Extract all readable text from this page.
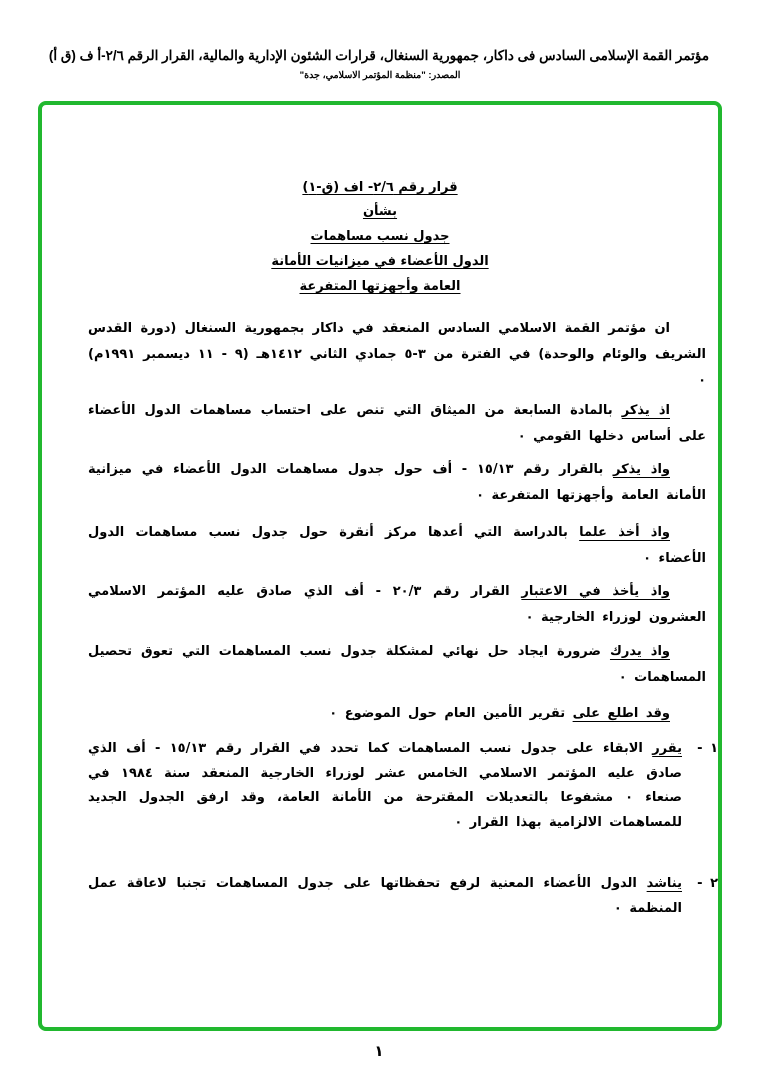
مؤتمر القمة الإسلامى السادس فى داكار، جمهورية السنغال، قرارات الشئون الإدارية والمالية، القرار الرقم ٢/٦-أ ف (ق أ)
المصدر: "منظمة المؤتمر الاسلامي، جدة"
قرار رقم ٢/٦- اف (ق-١)
بشأن
جدول نسب مساهمات
الدول الأعضاء في ميزانيات الأمانة
العامة وأجهزتها المتفرعة
ان مؤتمر القمة الاسلامي السادس المنعقد في داكار بجمهورية السنغال (دورة القدس الشريف والوئام والوحدة) في الفترة من ٣-٥ جمادي الثاني ١٤١٢هـ (٩ - ١١ ديسمبر ١٩٩١م) ٠
اذ يذكر بالمادة السابعة من الميثاق التي تنص على احتساب مساهمات الدول الأعضاء على أساس دخلها القومي ٠
واذ يذكر بالقرار رقم ١٥/١٣ - أف حول جدول مساهمات الدول الأعضاء في ميزانية الأمانة العامة وأجهزتها المتفرعة ٠
واذ أخذ علما بالدراسة التي أعدها مركز أنقرة حول جدول نسب مساهمات الدول الأعضاء ٠
واذ يأخذ في الاعتبار القرار رقم ٢٠/٣ - أف الذي صادق عليه المؤتمر الاسلامي العشرون لوزراء الخارجية ٠
واذ يدرك ضرورة ايجاد حل نهائي لمشكلة جدول نسب المساهمات التي تعوق تحصيل المساهمات ٠
وقد اطلع على تقرير الأمين العام حول الموضوع ٠
١ -
يقرر الابقاء على جدول نسب المساهمات كما تحدد في القرار رقم ١٥/١٣ - أف الذي صادق عليه المؤتمر الاسلامي الخامس عشر لوزراء الخارجية المنعقد سنة ١٩٨٤ في صنعاء ٠ مشفوعا بالتعديلات المقترحة من الأمانة العامة، وقد ارفق الجدول الجديد للمساهمات الالزامية بهذا القرار ٠
٢ -
يناشد الدول الأعضاء المعنية لرفع تحفظاتها على جدول المساهمات تجنبا لاعاقة عمل المنظمة ٠
١
